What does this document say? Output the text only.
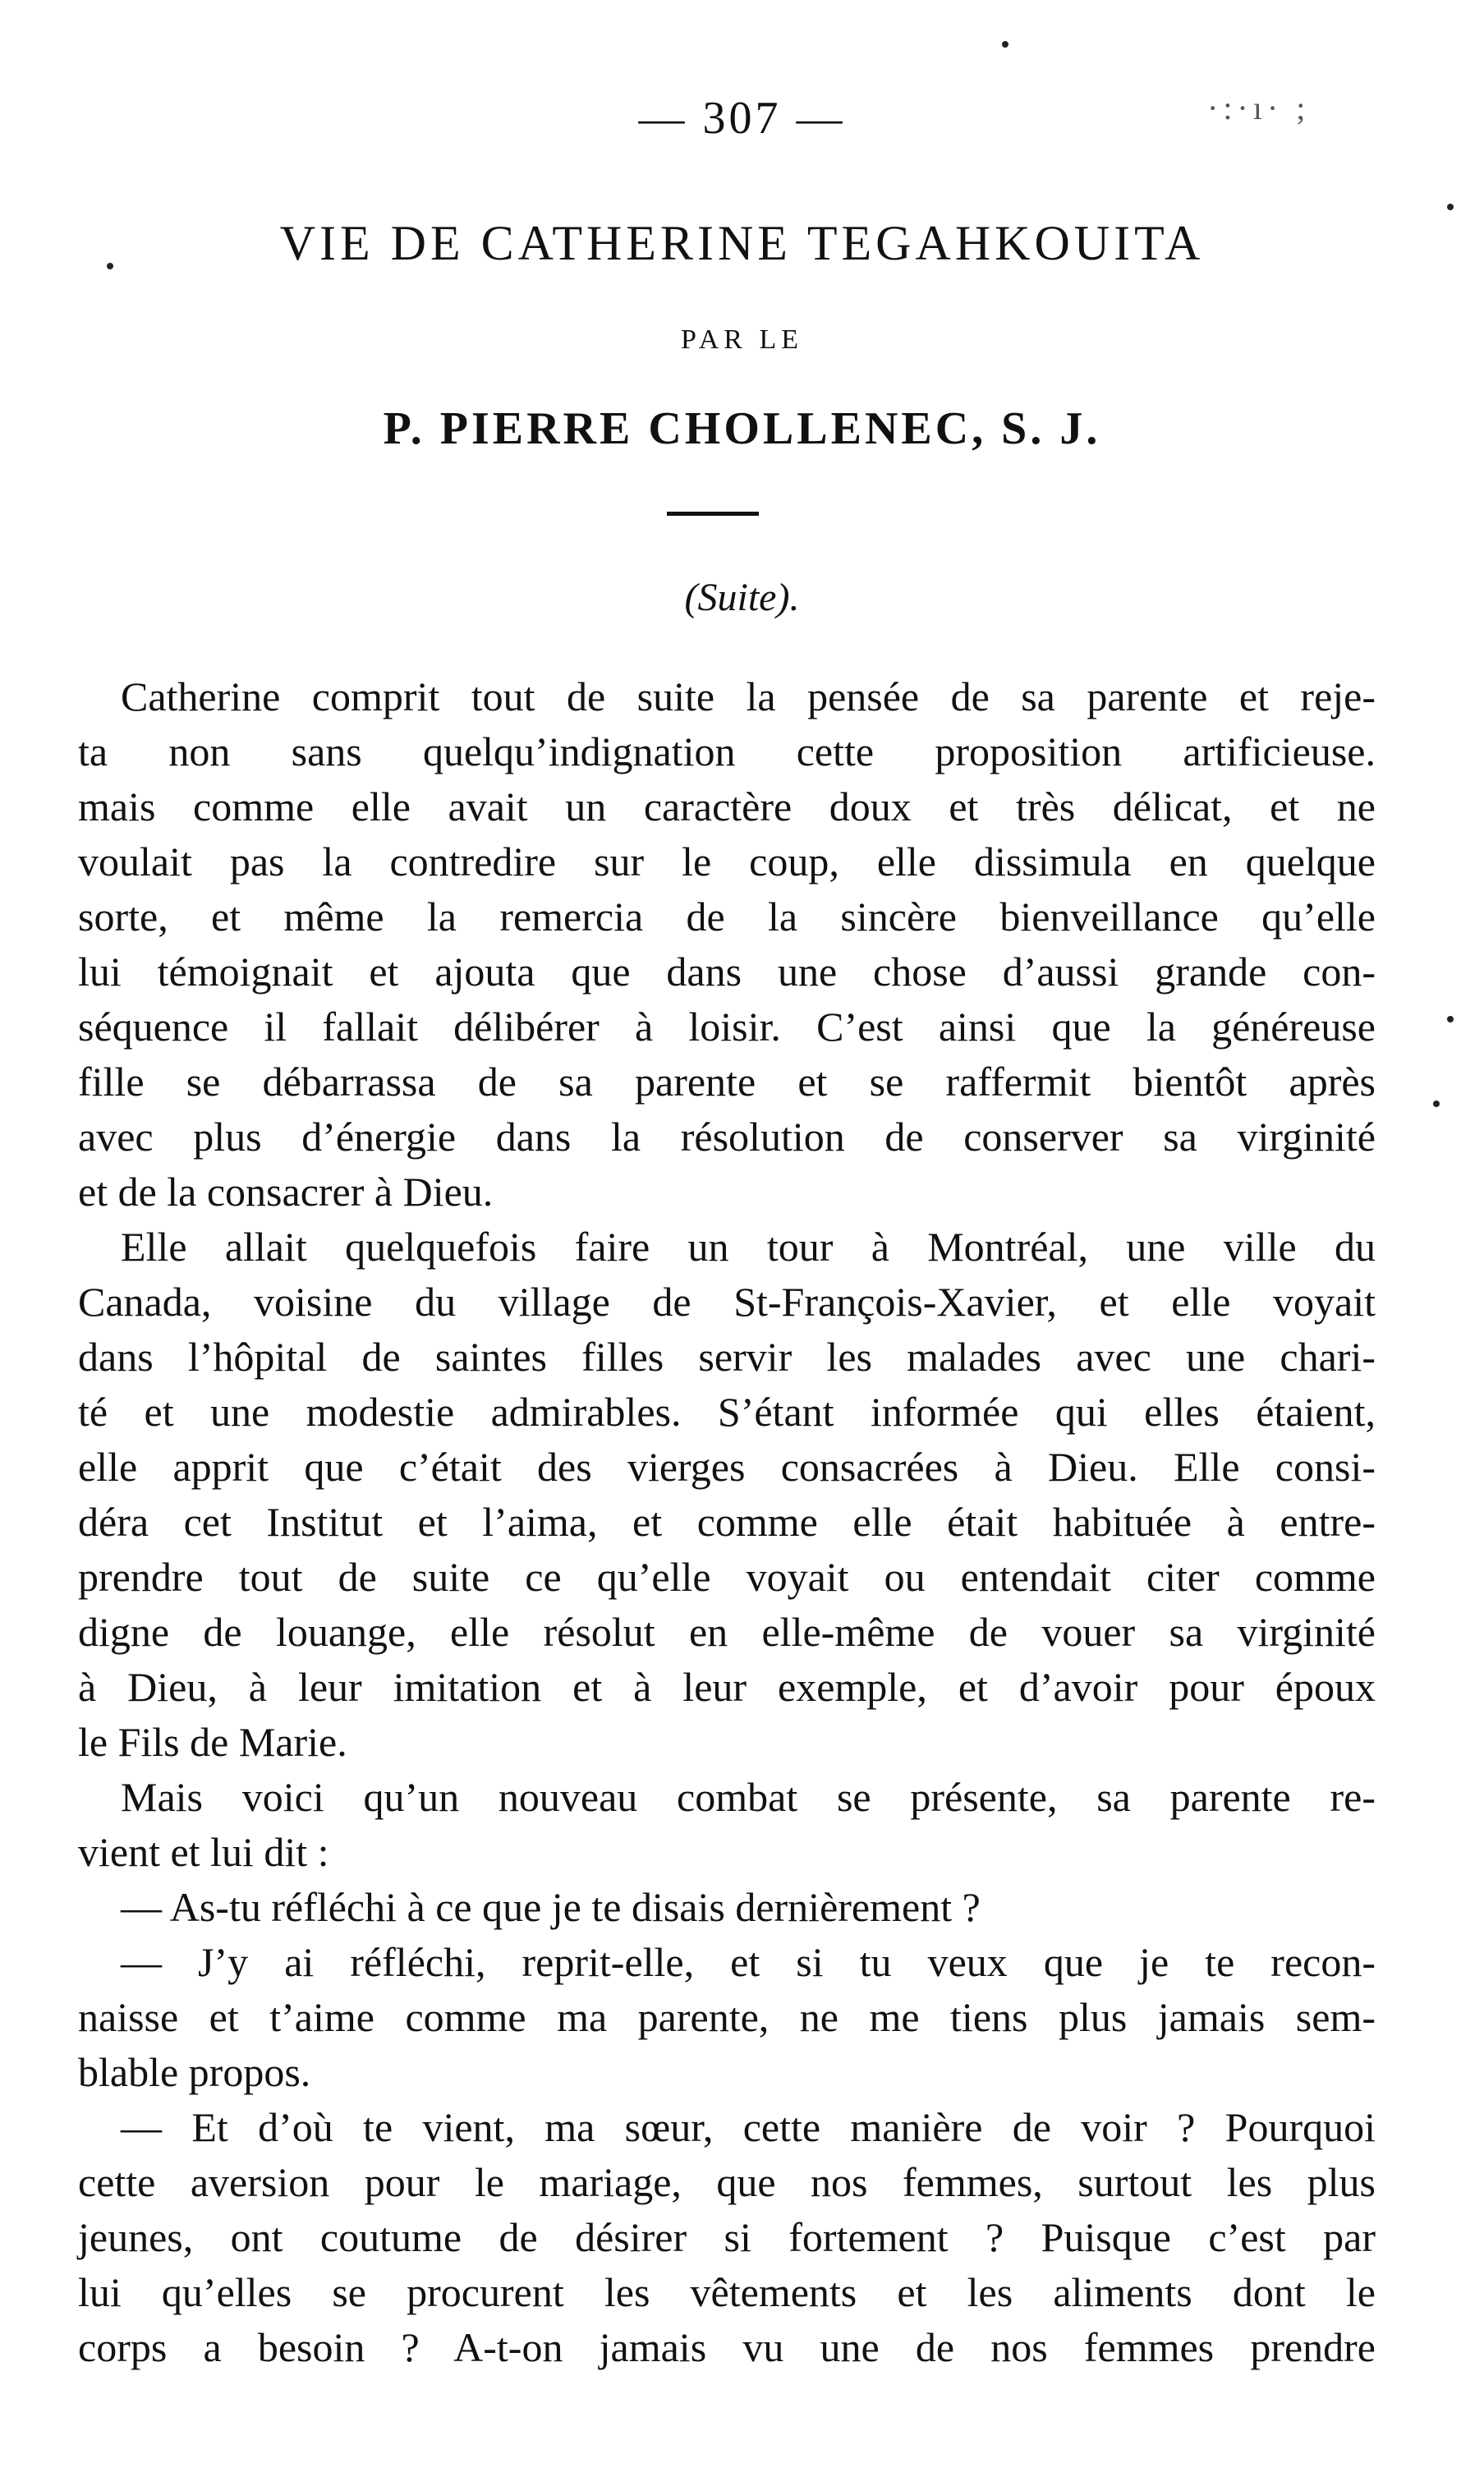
— 307 —	·:·ı· ;
VIE DE CATHERINE TEGAHKOUITA
PAR LE
P. PIERRE CHOLLENEC, S. J.
(Suite).
Catherine comprit tout de suite la pensée de sa parente et reje-
ta non sans quelqu’indignation cette proposition artificieuse.
mais comme elle avait un caractère doux et très délicat, et ne
voulait pas la contredire sur le coup, elle dissimula en quelque
sorte, et même la remercia de la sincère bienveillance qu’elle
lui témoignait et ajouta que dans une chose d’aussi grande con-
séquence il fallait délibérer à loisir. C’est ainsi que la généreuse
fille se débarrassa de sa parente et se raffermit bientôt après
avec plus d’énergie dans la résolution de conserver sa virginité
et de la consacrer à Dieu.
Elle allait quelquefois faire un tour à Montréal, une ville du
Canada, voisine du village de St-François-Xavier, et elle voyait
dans l’hôpital de saintes filles servir les malades avec une chari-
té et une modestie admirables. S’étant informée qui elles étaient,
elle apprit que c’était des vierges consacrées à Dieu. Elle consi-
déra cet Institut et l’aima, et comme elle était habituée à entre-
prendre tout de suite ce qu’elle voyait ou entendait citer comme
digne de louange, elle résolut en elle-même de vouer sa virginité
à Dieu, à leur imitation et à leur exemple, et d’avoir pour époux
le Fils de Marie.
Mais voici qu’un nouveau combat se présente, sa parente re-
vient et lui dit :
— As-tu réfléchi à ce que je te disais dernièrement ?
— J’y ai réfléchi, reprit-elle, et si tu veux que je te recon-
naisse et t’aime comme ma parente, ne me tiens plus jamais sem-
blable propos.
— Et d’où te vient, ma sœur, cette manière de voir ? Pourquoi
cette aversion pour le mariage, que nos femmes, surtout les plus
jeunes, ont coutume de désirer si fortement ? Puisque c’est par
lui qu’elles se procurent les vêtements et les aliments dont le
corps a besoin ? A-t-on jamais vu une de nos femmes prendre
